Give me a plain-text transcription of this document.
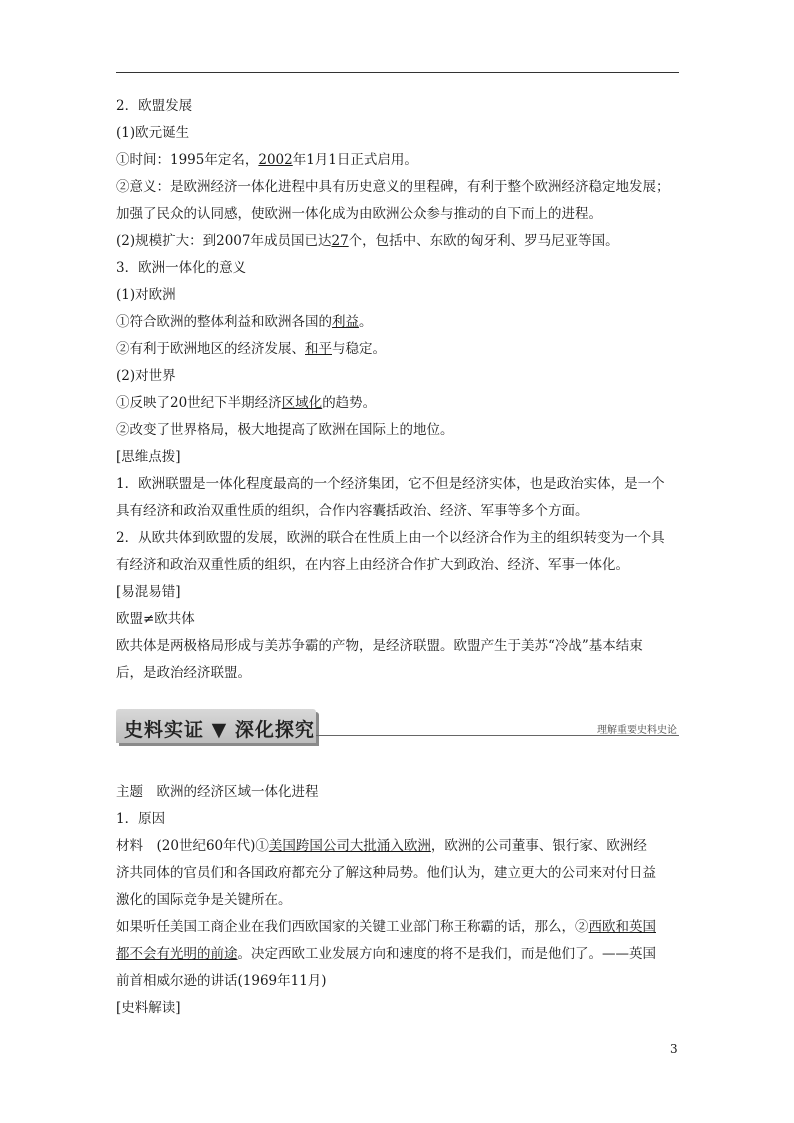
2．欧盟发展
(1)欧元诞生
①时间：1995年定名，2002年1月1日正式启用。
②意义：是欧洲经济一体化进程中具有历史意义的里程碑，有利于整个欧洲经济稳定地发展；
加强了民众的认同感，使欧洲一体化成为由欧洲公众参与推动的自下而上的进程。
(2)规模扩大：到2007年成员国已达27个，包括中、东欧的匈牙利、罗马尼亚等国。
3．欧洲一体化的意义
(1)对欧洲
①符合欧洲的整体利益和欧洲各国的利益。
②有利于欧洲地区的经济发展、和平与稳定。
(2)对世界
①反映了20世纪下半期经济区域化的趋势。
②改变了世界格局，极大地提高了欧洲在国际上的地位。
[思维点拨]
1．欧洲联盟是一体化程度最高的一个经济集团，它不但是经济实体，也是政治实体，是一个
具有经济和政治双重性质的组织，合作内容囊括政治、经济、军事等多个方面。
2．从欧共体到欧盟的发展，欧洲的联合在性质上由一个以经济合作为主的组织转变为一个具
有经济和政治双重性质的组织，在内容上由经济合作扩大到政治、经济、军事一体化。
[易混易错]
欧盟≠欧共体
欧共体是两极格局形成与美苏争霸的产物，是经济联盟。欧盟产生于美苏“冷战”基本结束
后，是政治经济联盟。
史料实证 ▼ 深化探究	理解重要史料史论
主题　欧洲的经济区域一体化进程
1．原因
材料　(20世纪60年代)①美国跨国公司大批涌入欧洲，欧洲的公司董事、银行家、欧洲经
济共同体的官员们和各国政府都充分了解这种局势。他们认为，建立更大的公司来对付日益
激化的国际竞争是关键所在。
如果听任美国工商企业在我们西欧国家的关键工业部门称王称霸的话，那么，②西欧和英国
都不会有光明的前途。决定西欧工业发展方向和速度的将不是我们，而是他们了。——英国
前首相威尔逊的讲话(1969年11月)
[史料解读]
3
